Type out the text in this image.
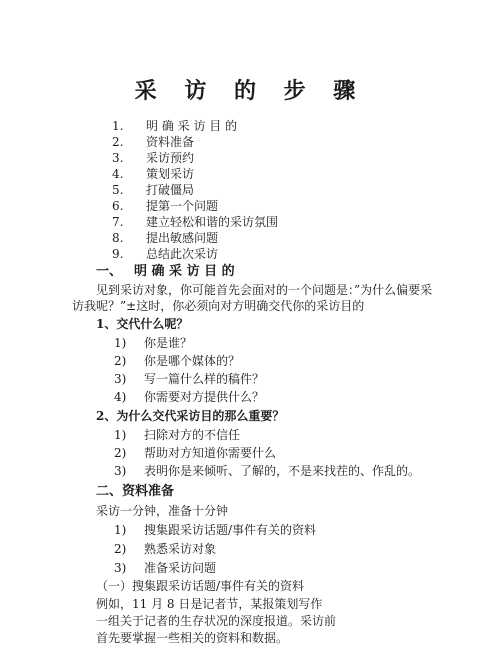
采 访 的 步 骤
1. 明 确 采 访 目 的
2. 资料准备
3. 采访预约
4. 策划采访
5. 打破僵局
6. 提第一个问题
7. 建立轻松和谐的采访氛围
8. 提出敏感问题
9. 总结此次采访
一、 明 确 采 访 目 的
见到采访对象，你可能首先会面对的一个问题是：”为什么偏要采
访我呢？”±这时，你必须向对方明确交代你的采访目的
1、交代什么呢？
1) 你是谁？
2) 你是哪个媒体的？
3) 写一篇什么样的稿件？
4) 你需要对方提供什么？
2、为什么交代采访目的那么重要？
1) 扫除对方的不信任
2) 帮助对方知道你需要什么
3) 表明你是来倾听、了解的，不是来找茬的、作乱的。
二、资料准备
采访一分钟，准备十分钟
1) 搜集跟采访话题/事件有关的资料
2) 熟悉采访对象
3) 准备采访问题
（一）搜集跟采访话题/事件有关的资料
例如，11 月 8 日是记者节，某报策划写作
一组关于记者的生存状况的深度报道。采访前
首先要掌握一些相关的资料和数据。
